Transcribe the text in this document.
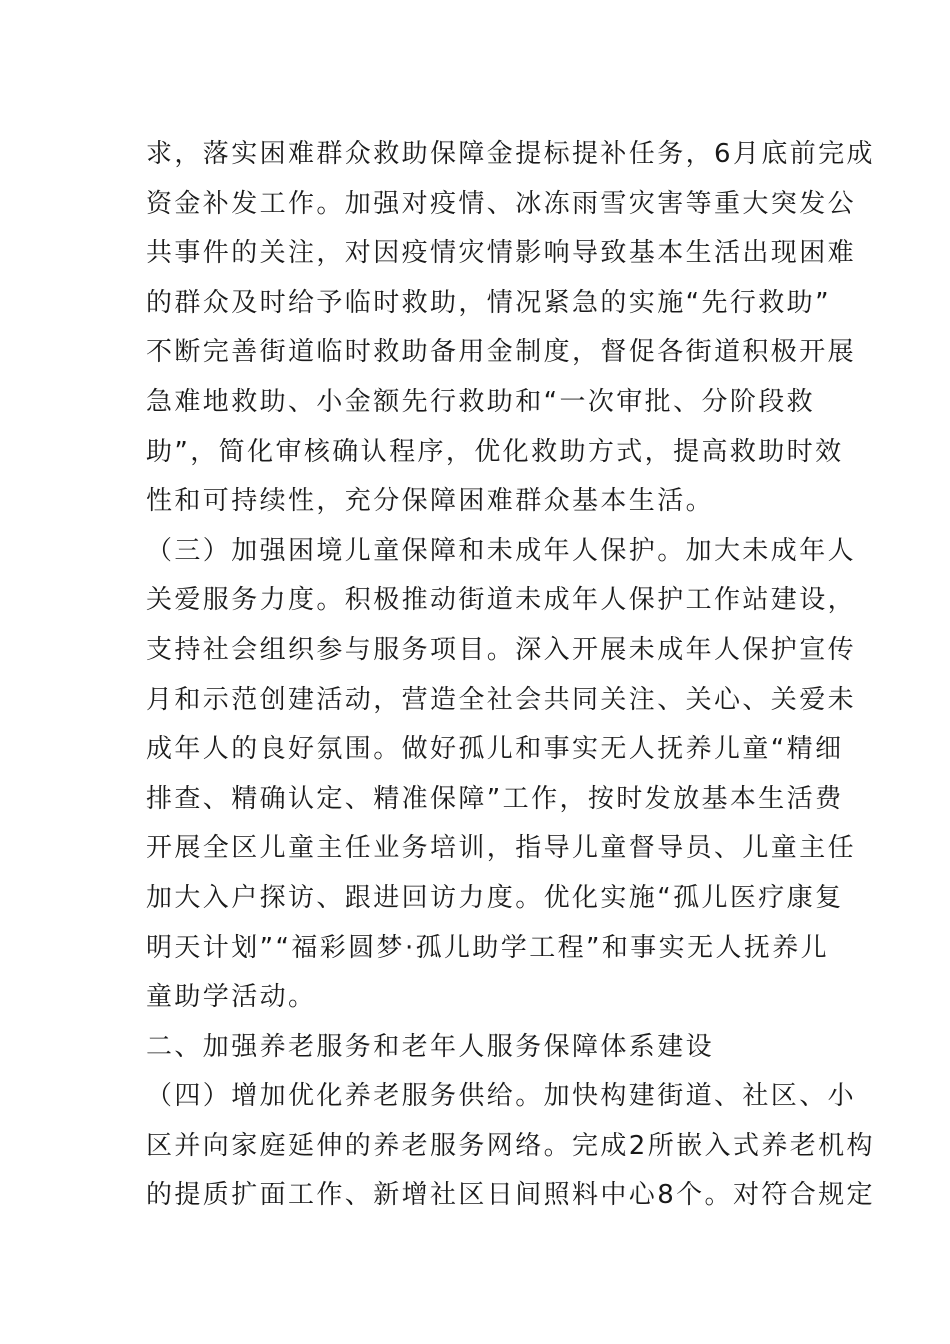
求，落实困难群众救助保障金提标提补任务，6月底前完成
资金补发工作。加强对疫情、冰冻雨雪灾害等重大突发公
共事件的关注，对因疫情灾情影响导致基本生活出现困难
的群众及时给予临时救助，情况紧急的实施“先行救助”
不断完善街道临时救助备用金制度，督促各街道积极开展
急难地救助、小金额先行救助和“一次审批、分阶段救
助”，简化审核确认程序，优化救助方式，提高救助时效
性和可持续性，充分保障困难群众基本生活。
（三）加强困境儿童保障和未成年人保护。加大未成年人
关爱服务力度。积极推动街道未成年人保护工作站建设，
支持社会组织参与服务项目。深入开展未成年人保护宣传
月和示范创建活动，营造全社会共同关注、关心、关爱未
成年人的良好氛围。做好孤儿和事实无人抚养儿童“精细
排查、精确认定、精准保障”工作，按时发放基本生活费
开展全区儿童主任业务培训，指导儿童督导员、儿童主任
加大入户探访、跟进回访力度。优化实施“孤儿医疗康复
明天计划”“福彩圆梦·孤儿助学工程”和事实无人抚养儿
童助学活动。
二、加强养老服务和老年人服务保障体系建设
（四）增加优化养老服务供给。加快构建街道、社区、小
区并向家庭延伸的养老服务网络。完成2所嵌入式养老机构
的提质扩面工作、新增社区日间照料中心8个。对符合规定
